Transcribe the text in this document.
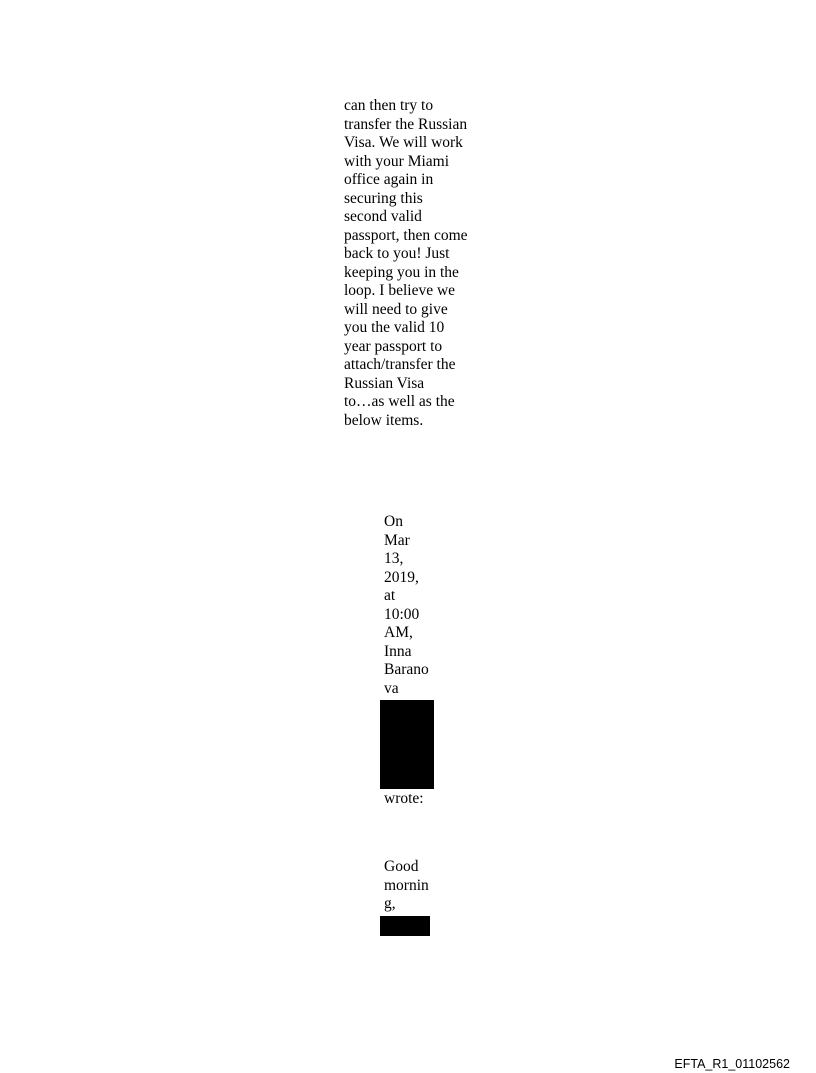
can then try to
transfer the Russian
Visa. We will work
with your Miami
office again in
securing this
second valid
passport, then come
back to you! Just
keeping you in the
loop. I believe we
will need to give
you the valid 10
year passport to
attach/transfer the
Russian Visa
to…as well as the
below items.
On
Mar
13,
2019,
at
10:00
AM,
Inna
Barano
va
wrote:
Good
mornin
g,
EFTA_R1_01102562
